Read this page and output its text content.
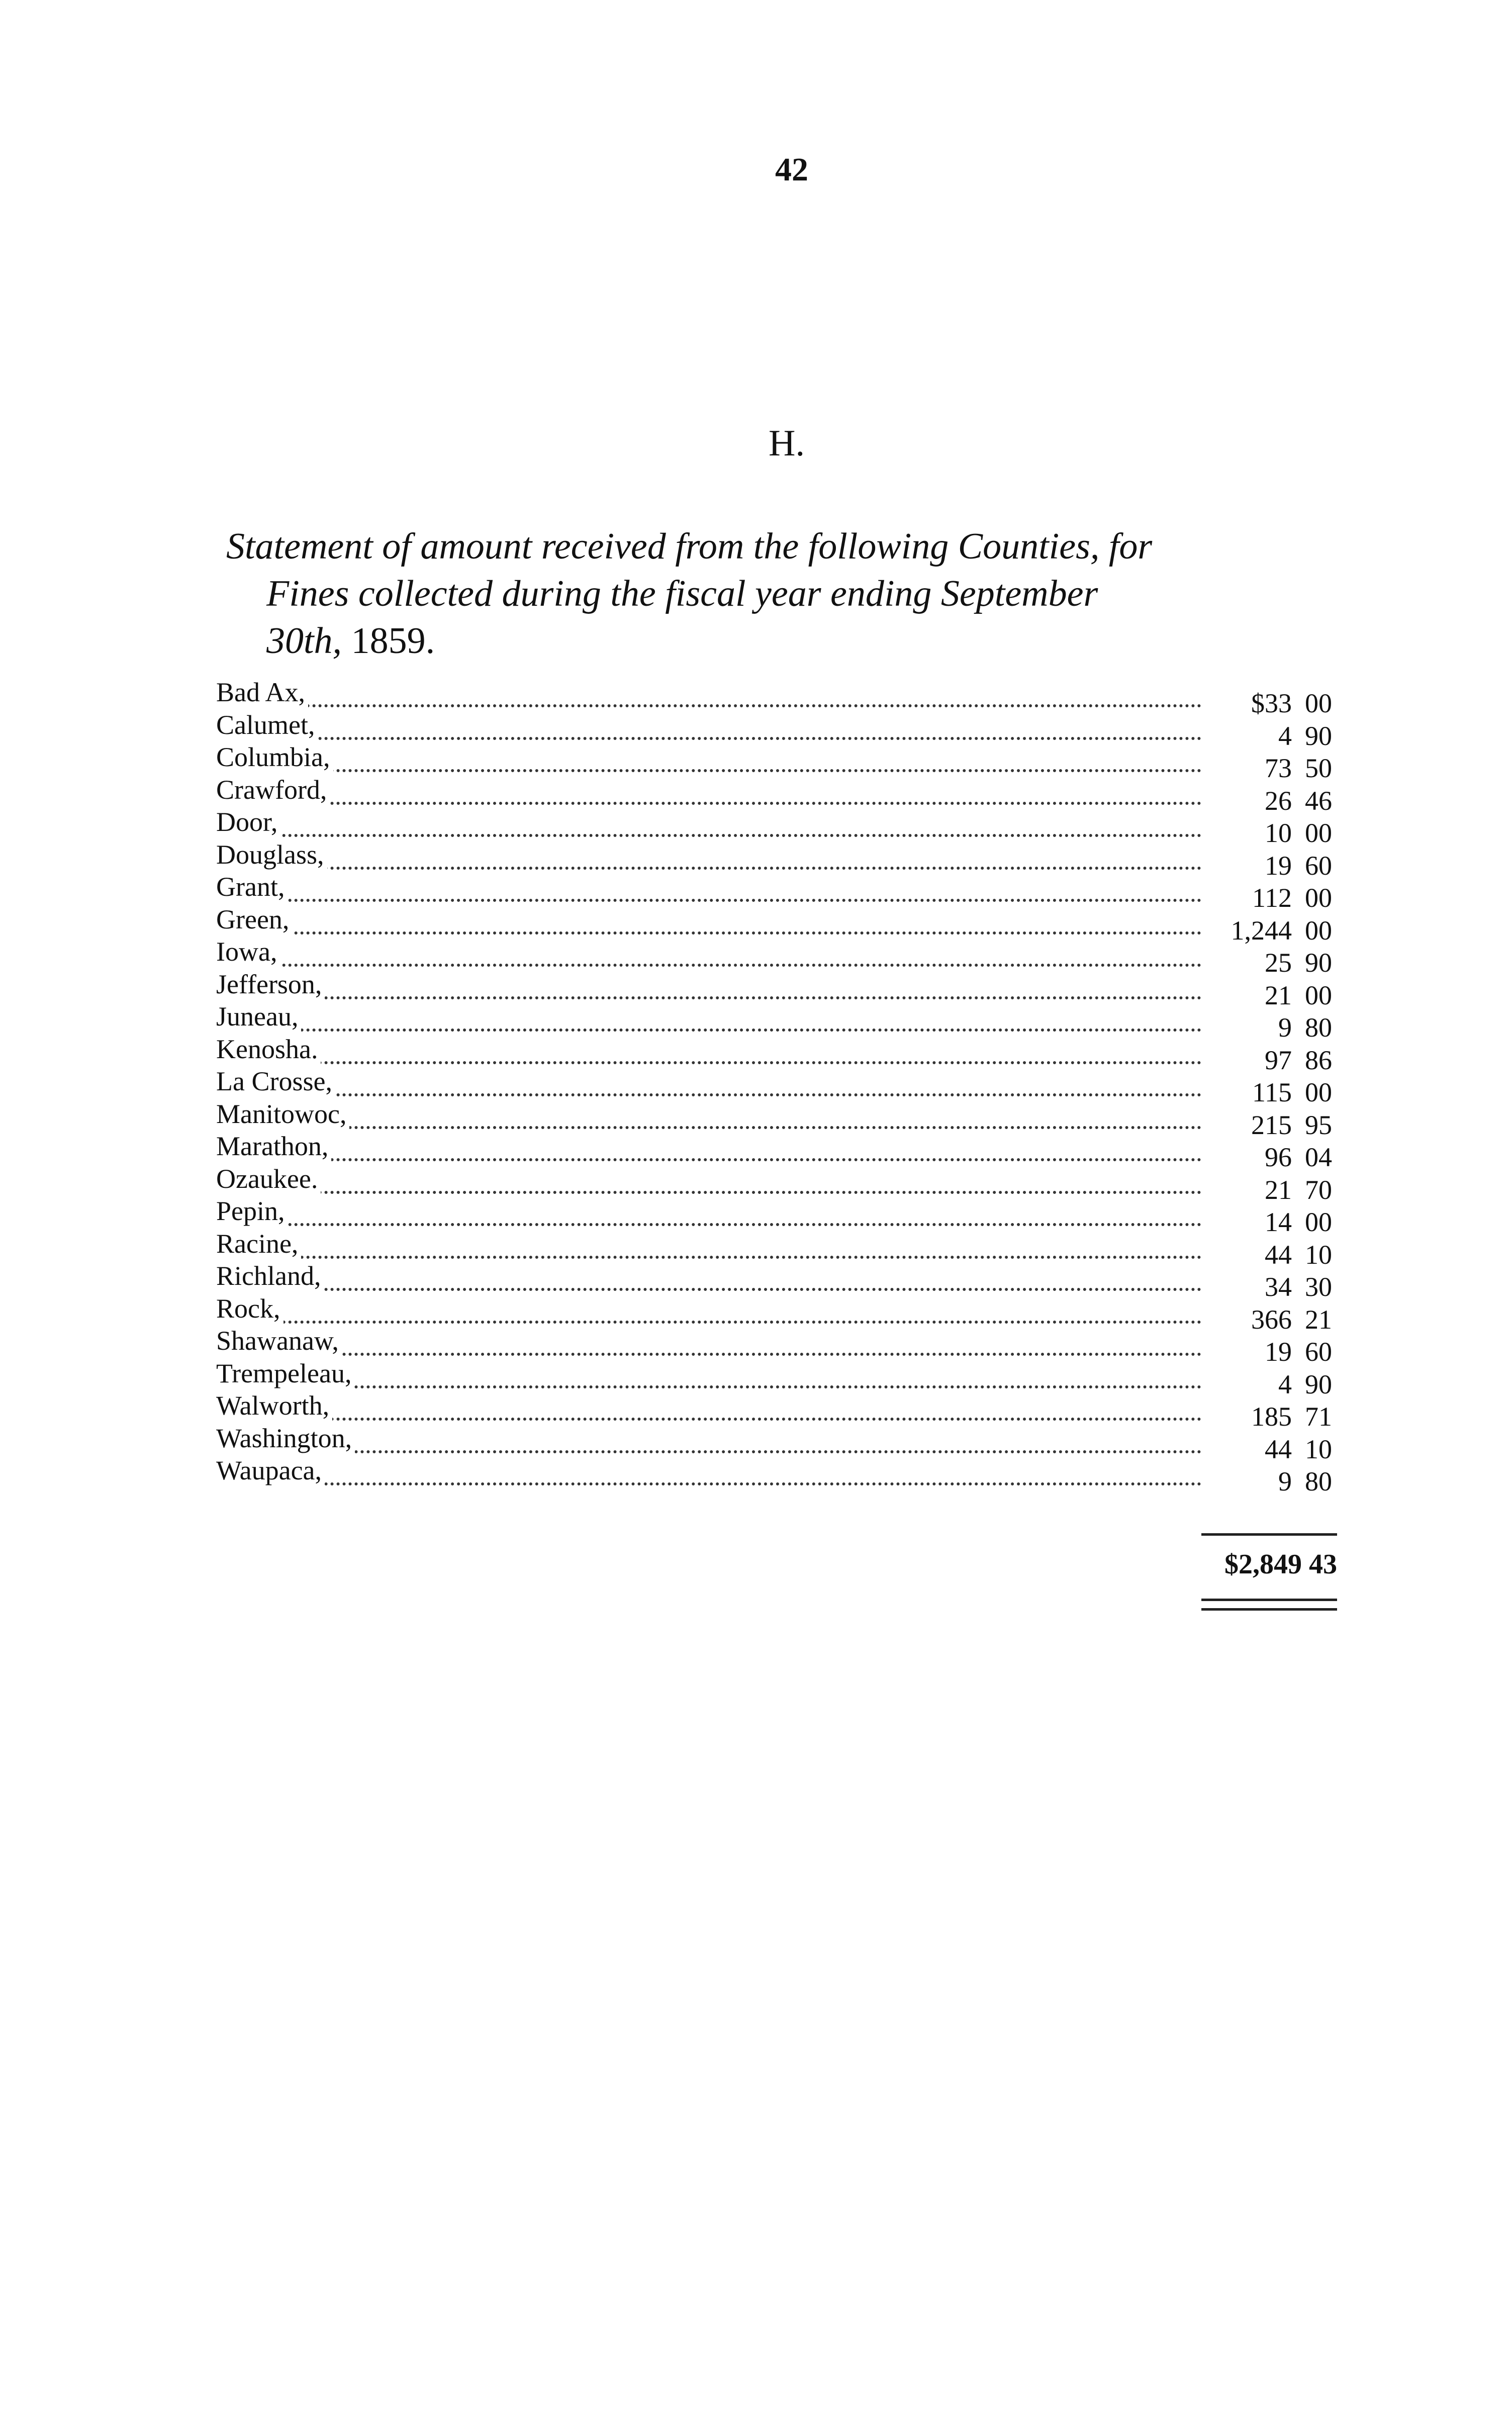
42
H.
Statement of amount received from the following Counties, for
Fines collected during the fiscal year ending September
30th, 1859.
Bad Ax,	$33 00
Calumet,	4 90
Columbia,	73 50
Crawford,	26 46
Door,	10 00
Douglass,	19 60
Grant,	112 00
Green,	1,244 00
Iowa,	25 90
Jefferson,	21 00
Juneau,	9 80
Kenosha.	97 86
La Crosse,	115 00
Manitowoc,	215 95
Marathon,	96 04
Ozaukee.	21 70
Pepin,	14 00
Racine,	44 10
Richland,	34 30
Rock,	366 21
Shawanaw,	19 60
Trempeleau,	4 90
Walworth,	185 71
Washington,	44 10
Waupaca,	9 80
$2,849 43
